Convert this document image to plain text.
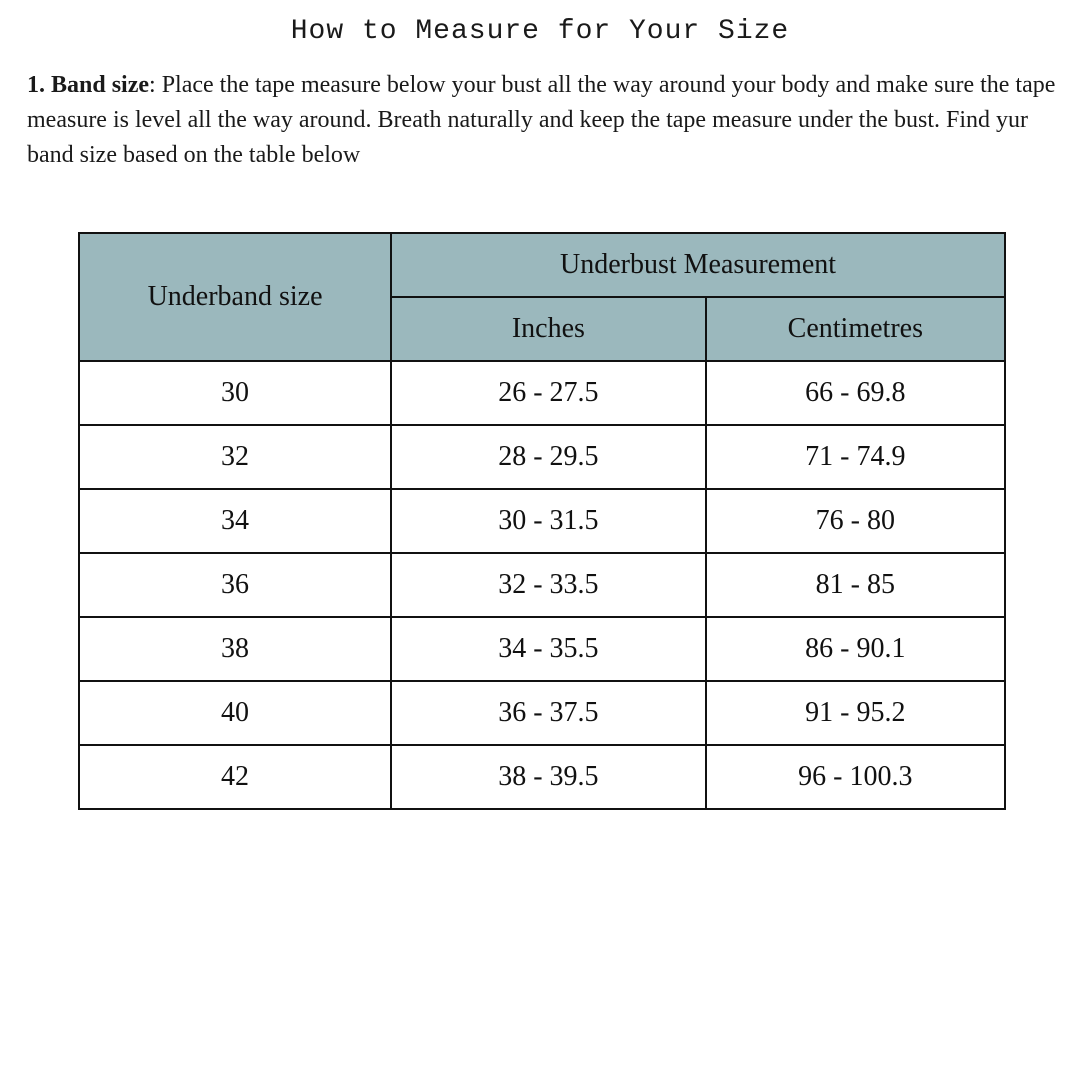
How to Measure for Your Size
1. Band size: Place the tape measure below your bust all the way around your body and make sure the tape measure is level all the way around. Breath naturally and keep the tape measure under the bust. Find yur band size based on the table below
Underband size	Underbust Measurement	
	Inches	Centimetres
30	26 - 27.5	66 - 69.8
32	28 - 29.5	71 - 74.9
34	30 - 31.5	76 - 80
36	32 - 33.5	81 - 85
38	34 - 35.5	86 - 90.1
40	36 - 37.5	91 - 95.2
42	38 - 39.5	96 - 100.3
